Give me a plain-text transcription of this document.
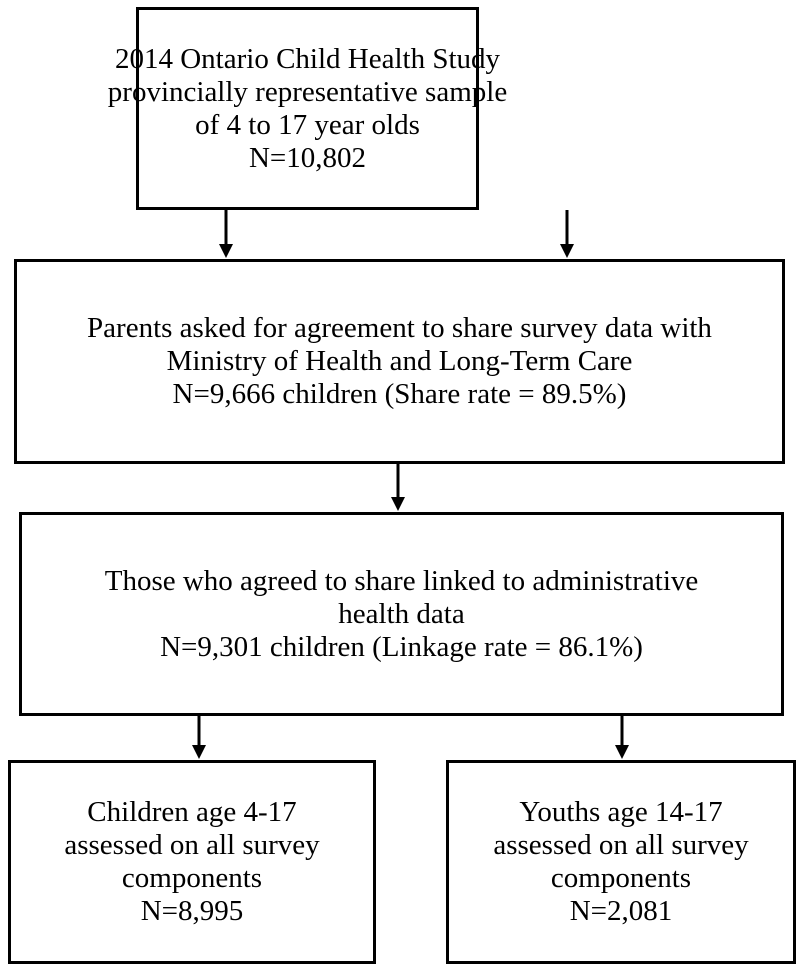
2014 Ontario Child Health Study
provincially representative sample
of 4 to 17 year olds
N=10,802
Parents asked for agreement to share survey data with
Ministry of Health and Long-Term Care
N=9,666 children (Share rate = 89.5%)
Those who agreed to share linked to administrative
health data
N=9,301 children (Linkage rate = 86.1%)
Children age 4-17
assessed on all survey
components
N=8,995
Youths age 14-17
assessed on all survey
components
N=2,081
